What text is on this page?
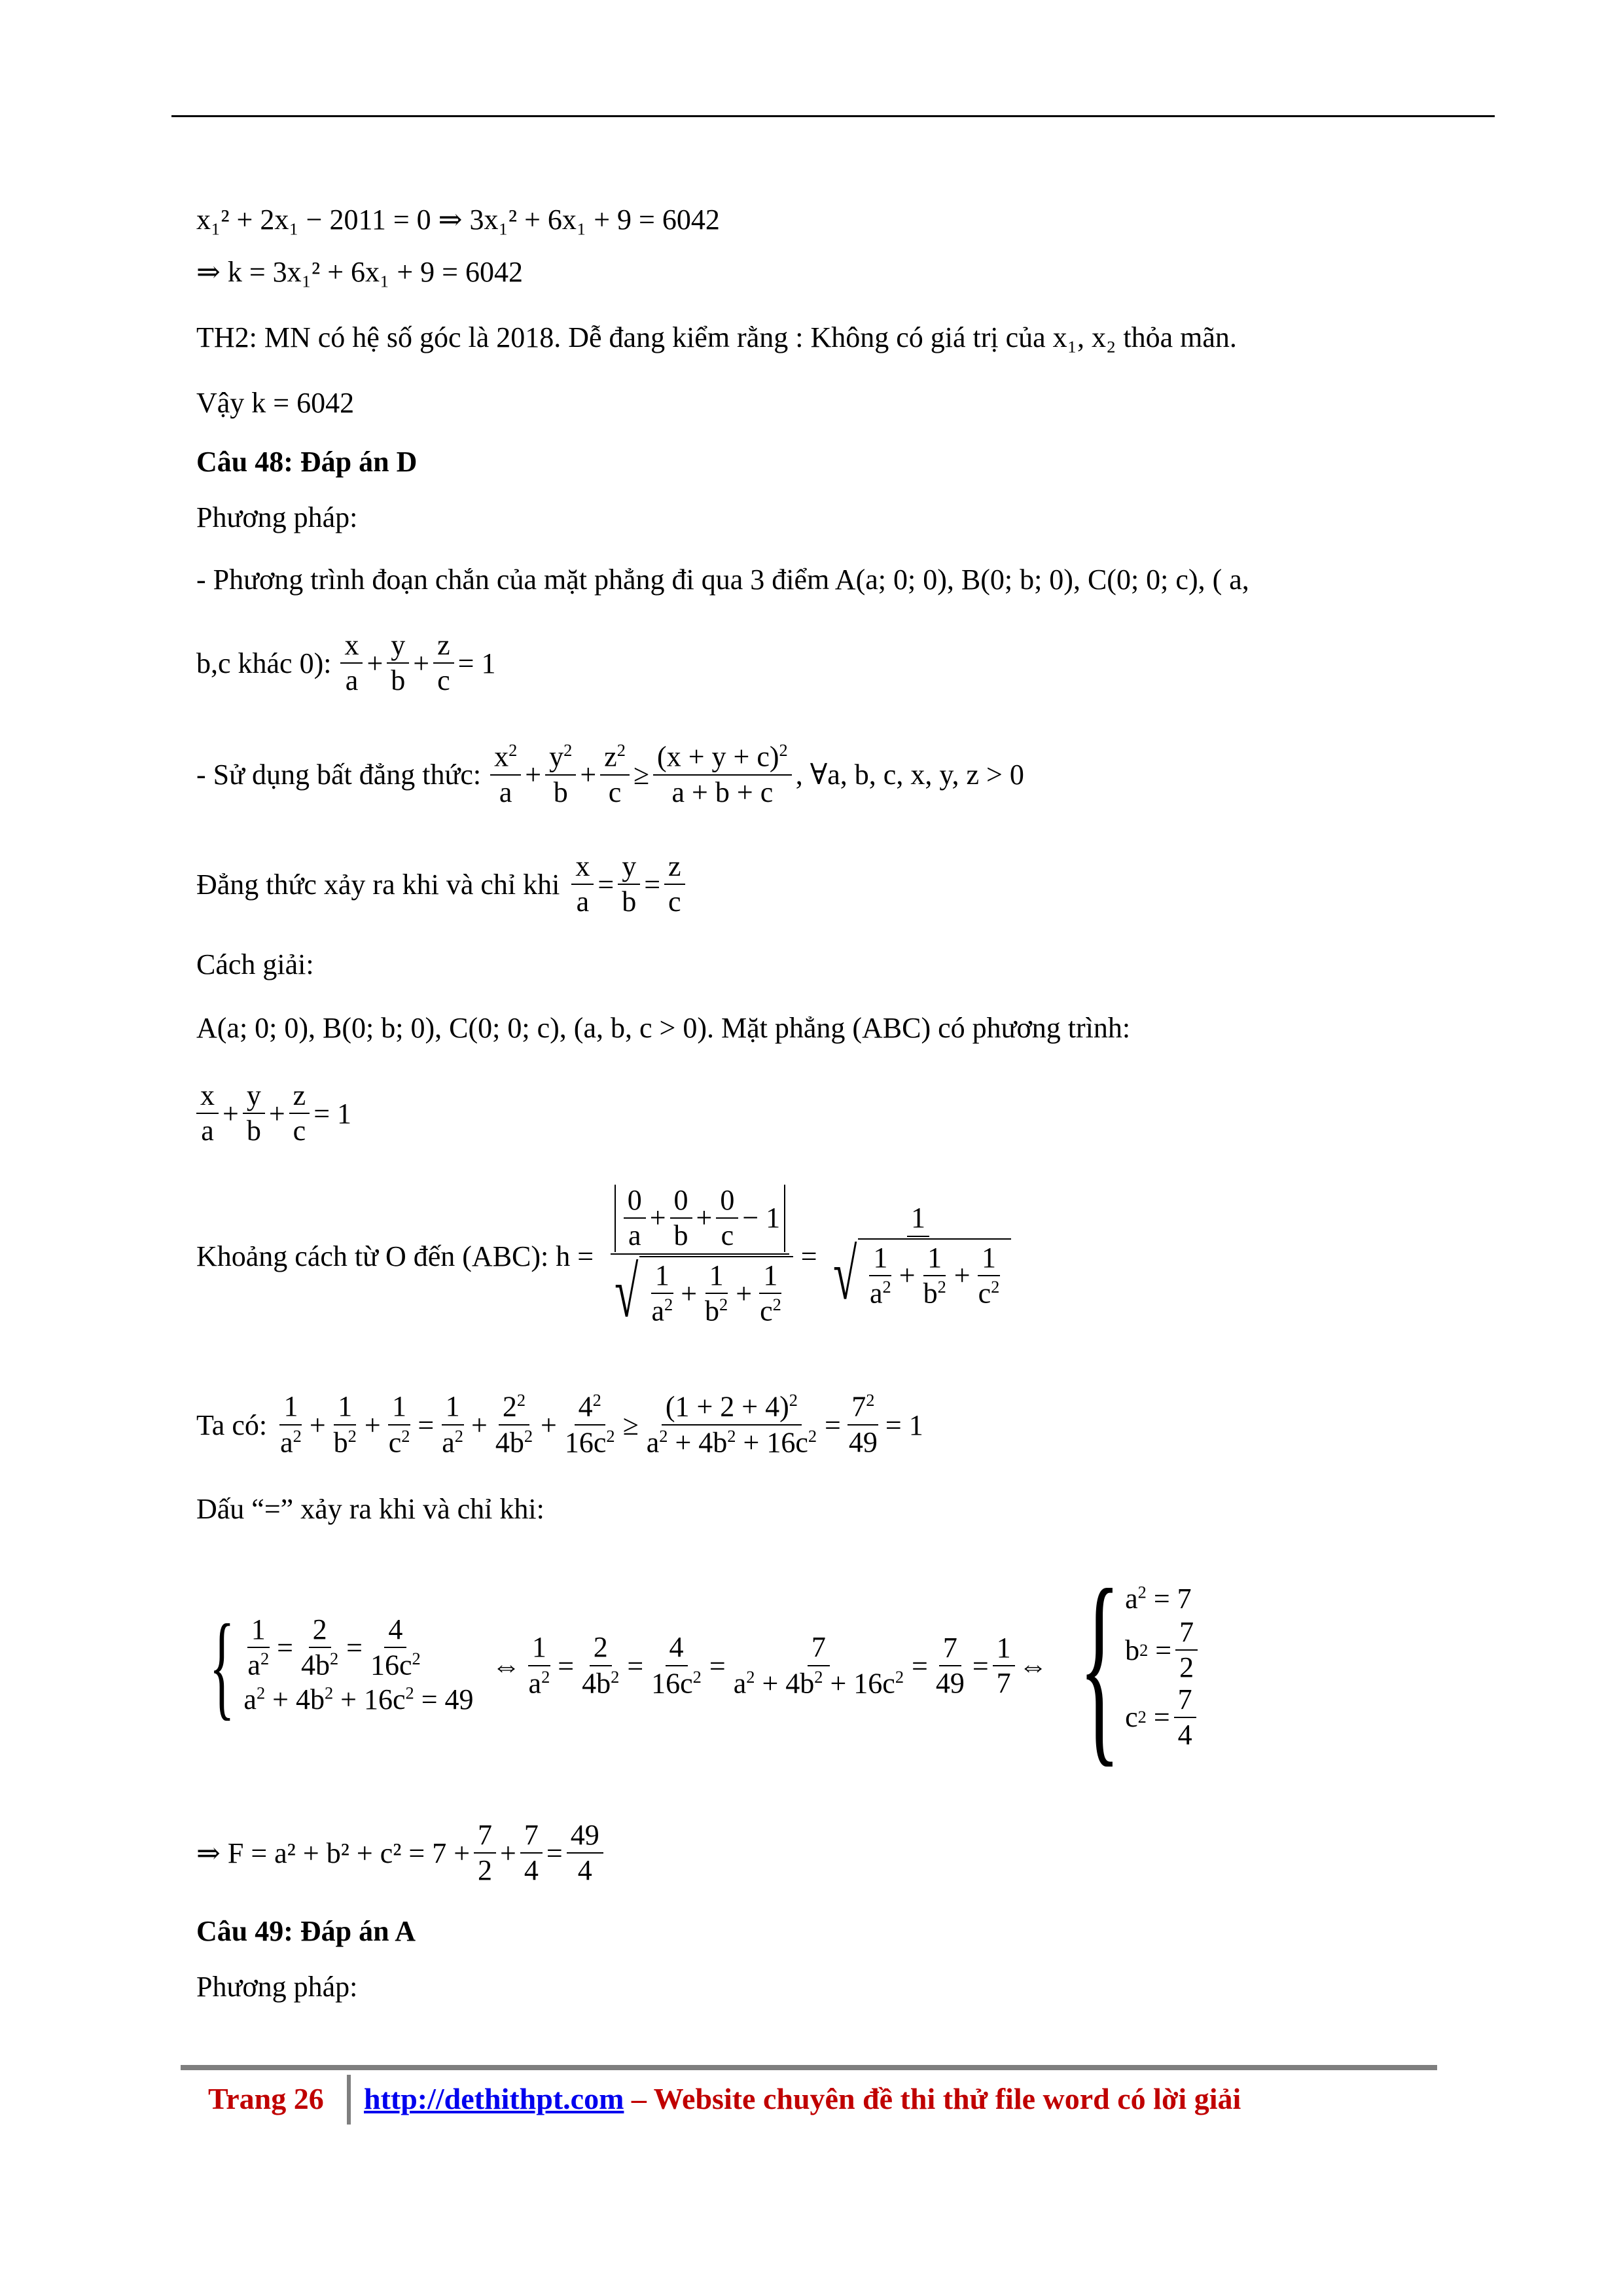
x₁² + 2x₁ − 2011 = 0 ⇒ 3x₁² + 6x₁ + 9 = 6042
⇒ k = 3x₁² + 6x₁ + 9 = 6042
TH2: MN có hệ số góc là 2018. Dễ đang kiểm rằng : Không có giá trị của x₁, x₂ thỏa mãn.
Vậy k = 6042
Câu 48: Đáp án D
Phương pháp:
- Phương trình đoạn chắn của mặt phẳng đi qua 3 điểm A(a; 0; 0), B(0; b; 0), C(0; 0; c), ( a,
b,c khác 0): $\frac{x}{a} + \frac{y}{b} + \frac{z}{c} = 1$
- Sử dụng bất đẳng thức: $\frac{x^2}{a} + \frac{y^2}{b} + \frac{z^2}{c} \ge \frac{(x + y + c)^2}{a + b + c}$ , ∀a, b, c, x, y, z > 0
Đẳng thức xảy ra khi và chỉ khi $\frac{x}{a} = \frac{y}{b} = \frac{z}{c}$
Cách giải:
A(a; 0; 0), B(0; b; 0), C(0; 0; c), (a, b, c > 0). Mặt phẳng (ABC) có phương trình:
$\frac{x}{a} + \frac{y}{b} + \frac{z}{c} = 1$
Khoảng cách từ O đến (ABC): $h = \frac{\frac{0}{a} + \frac{0}{b} + \frac{0}{c} - 1}{√ \frac{1}{a^2} + \frac{1}{b^2} + \frac{1}{c^2}} = \frac{1}{√ \frac{1}{a^2} + \frac{1}{b^2} + \frac{1}{c^2}}$
Ta có: $\frac{1}{a^2} + \frac{1}{b^2} + \frac{1}{c^2} = \frac{1}{a^2} + \frac{2^2}{4b^2} + \frac{4^2}{16c^2} \ge \frac{(1 + 2 + 4)^2}{a^2 + 4b^2 + 16c^2} = \frac{7^2}{49} = 1$
Dấu “=” xảy ra khi và chỉ khi:
{ $\frac{1}{a^2} = \frac{2}{4b^2} = \frac{4}{16c^2}$
$a^2 + 4b^2 + 16c^2 = 49$
⇔ $\frac{1}{a^2} = \frac{2}{4b^2} = \frac{4}{16c^2} = \frac{7}{a^2 + 4b^2 + 16c^2} = \frac{7}{49} = \frac{1}{7}$ ⇔ { $a^2 = 7$
b $2 = \frac{7}{2}$
c $2 = \frac{7}{4}$
⇒ $F = a^2 + b^2 + c^2 = 7 + \frac{7}{2} + \frac{7}{4} = \frac{49}{4}$
Câu 49: Đáp án A
Phương pháp:
Trang 26 http://dethithpt.com – Website chuyên đề thi thử file word có lời giải
